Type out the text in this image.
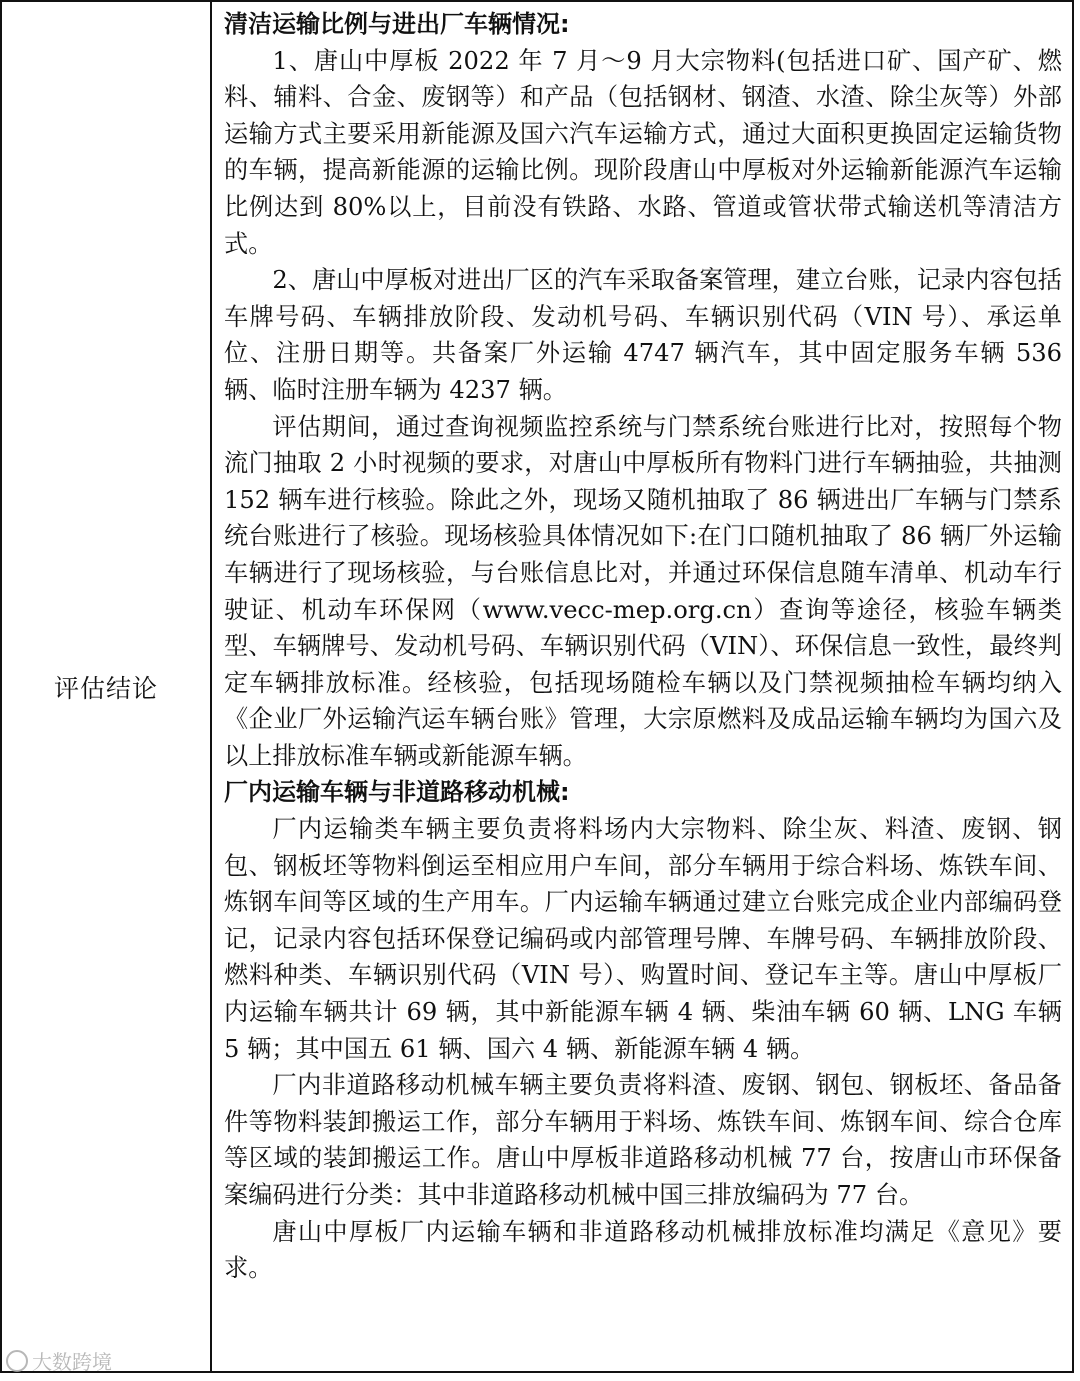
评估结论	
清洁运输比例与进出厂车辆情况:

1、唐山中厚板 2022 年 7 月～9 月大宗物料(包括进口矿、国产矿、燃料、辅料、合金、废钢等）和产品（包括钢材、钢渣、水渣、除尘灰等）外部运输方式主要采用新能源及国六汽车运输方式，通过大面积更换固定运输货物的车辆，提高新能源的运输比例。现阶段唐山中厚板对外运输新能源汽车运输比例达到 80%以上，目前没有铁路、水路、管道或管状带式输送机等清洁方式。

2、唐山中厚板对进出厂区的汽车采取备案管理，建立台账，记录内容包括车牌号码、车辆排放阶段、发动机号码、车辆识别代码（VIN 号）、承运单位、注册日期等。共备案厂外运输 4747 辆汽车，其中固定服务车辆 536 辆、临时注册车辆为 4237 辆。

评估期间，通过查询视频监控系统与门禁系统台账进行比对，按照每个物流门抽取 2 小时视频的要求，对唐山中厚板所有物料门进行车辆抽验，共抽测 152 辆车进行核验。除此之外，现场又随机抽取了 86 辆进出厂车辆与门禁系统台账进行了核验。现场核验具体情况如下:在门口随机抽取了 86 辆厂外运输车辆进行了现场核验，与台账信息比对，并通过环保信息随车清单、机动车行驶证、机动车环保网（www.vecc-mep.org.cn）查询等途径，核验车辆类型、车辆牌号、发动机号码、车辆识别代码（VIN）、环保信息一致性，最终判定车辆排放标准。经核验，包括现场随检车辆以及门禁视频抽检车辆均纳入《企业厂外运输汽运车辆台账》管理，大宗原燃料及成品运输车辆均为国六及以上排放标准车辆或新能源车辆。

厂内运输车辆与非道路移动机械:

厂内运输类车辆主要负责将料场内大宗物料、除尘灰、料渣、废钢、钢包、钢板坯等物料倒运至相应用户车间，部分车辆用于综合料场、炼铁车间、炼钢车间等区域的生产用车。厂内运输车辆通过建立台账完成企业内部编码登记，记录内容包括环保登记编码或内部管理号牌、车牌号码、车辆排放阶段、燃料种类、车辆识别代码（VIN 号）、购置时间、登记车主等。唐山中厚板厂内运输车辆共计 69 辆，其中新能源车辆 4 辆、柴油车辆 60 辆、LNG 车辆 5 辆；其中国五 61 辆、国六 4 辆、新能源车辆 4 辆。

厂内非道路移动机械车辆主要负责将料渣、废钢、钢包、钢板坯、备品备件等物料装卸搬运工作，部分车辆用于料场、炼铁车间、炼钢车间、综合仓库等区域的装卸搬运工作。唐山中厚板非道路移动机械 77 台，按唐山市环保备案编码进行分类：其中非道路移动机械中国三排放编码为 77 台。

唐山中厚板厂内运输车辆和非道路移动机械排放标准均满足《意见》要求。

大数跨境
